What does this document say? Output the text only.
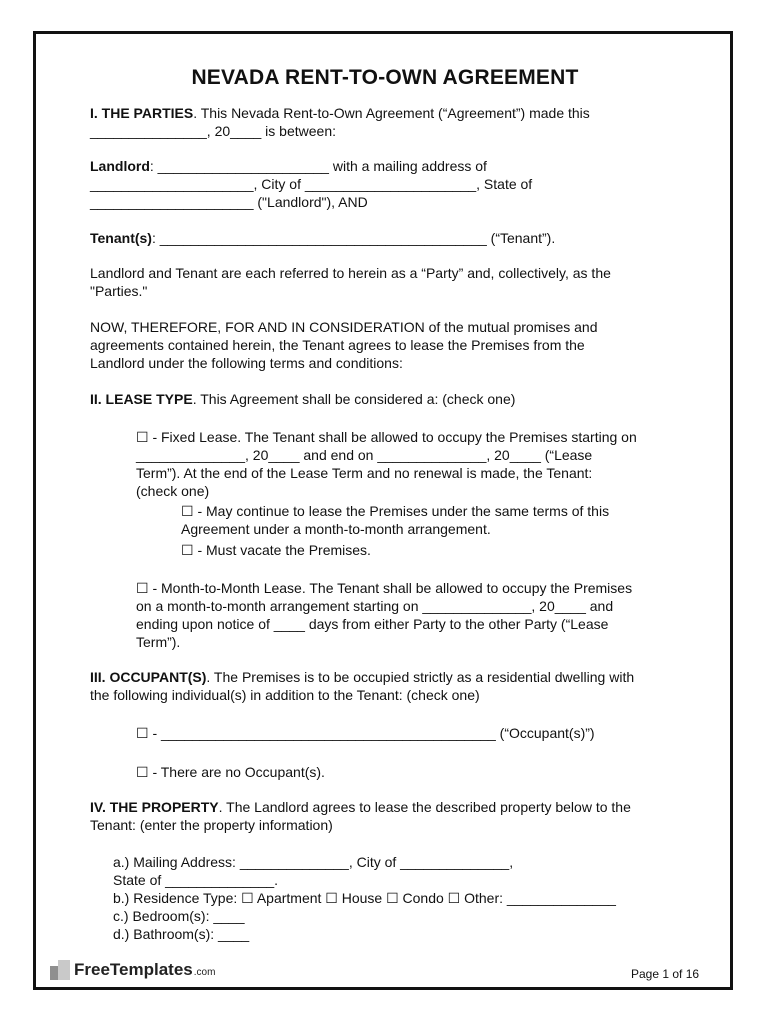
NEVADA RENT-TO-OWN AGREEMENT
I. THE PARTIES. This Nevada Rent-to-Own Agreement (“Agreement”) made this
_______________, 20____ is between:
Landlord: ______________________ with a mailing address of
_____________________, City of ______________________, State of
_____________________ ("Landlord"), AND
Tenant(s): __________________________________________ (“Tenant”).
Landlord and Tenant are each referred to herein as a “Party” and, collectively, as the
"Parties."
NOW, THEREFORE, FOR AND IN CONSIDERATION of the mutual promises and
agreements contained herein, the Tenant agrees to lease the Premises from the
Landlord under the following terms and conditions:
II. LEASE TYPE. This Agreement shall be considered a: (check one)
☐ - Fixed Lease. The Tenant shall be allowed to occupy the Premises starting on
______________, 20____ and end on ______________, 20____ (“Lease
Term”). At the end of the Lease Term and no renewal is made, the Tenant:
(check one)
☐ - May continue to lease the Premises under the same terms of this
Agreement under a month-to-month arrangement.
☐ - Must vacate the Premises.
☐ - Month-to-Month Lease. The Tenant shall be allowed to occupy the Premises
on a month-to-month arrangement starting on ______________, 20____ and
ending upon notice of ____ days from either Party to the other Party (“Lease
Term”).
III. OCCUPANT(S). The Premises is to be occupied strictly as a residential dwelling with
the following individual(s) in addition to the Tenant: (check one)
☐ - ___________________________________________ (“Occupant(s)”)
☐ - There are no Occupant(s).
IV. THE PROPERTY. The Landlord agrees to lease the described property below to the
Tenant: (enter the property information)
a.) Mailing Address: ______________, City of ______________,
State of ______________.
b.) Residence Type: ☐ Apartment ☐ House ☐ Condo ☐ Other: ______________
c.) Bedroom(s): ____
d.) Bathroom(s): ____
FreeTemplates .com	Page 1 of 16
